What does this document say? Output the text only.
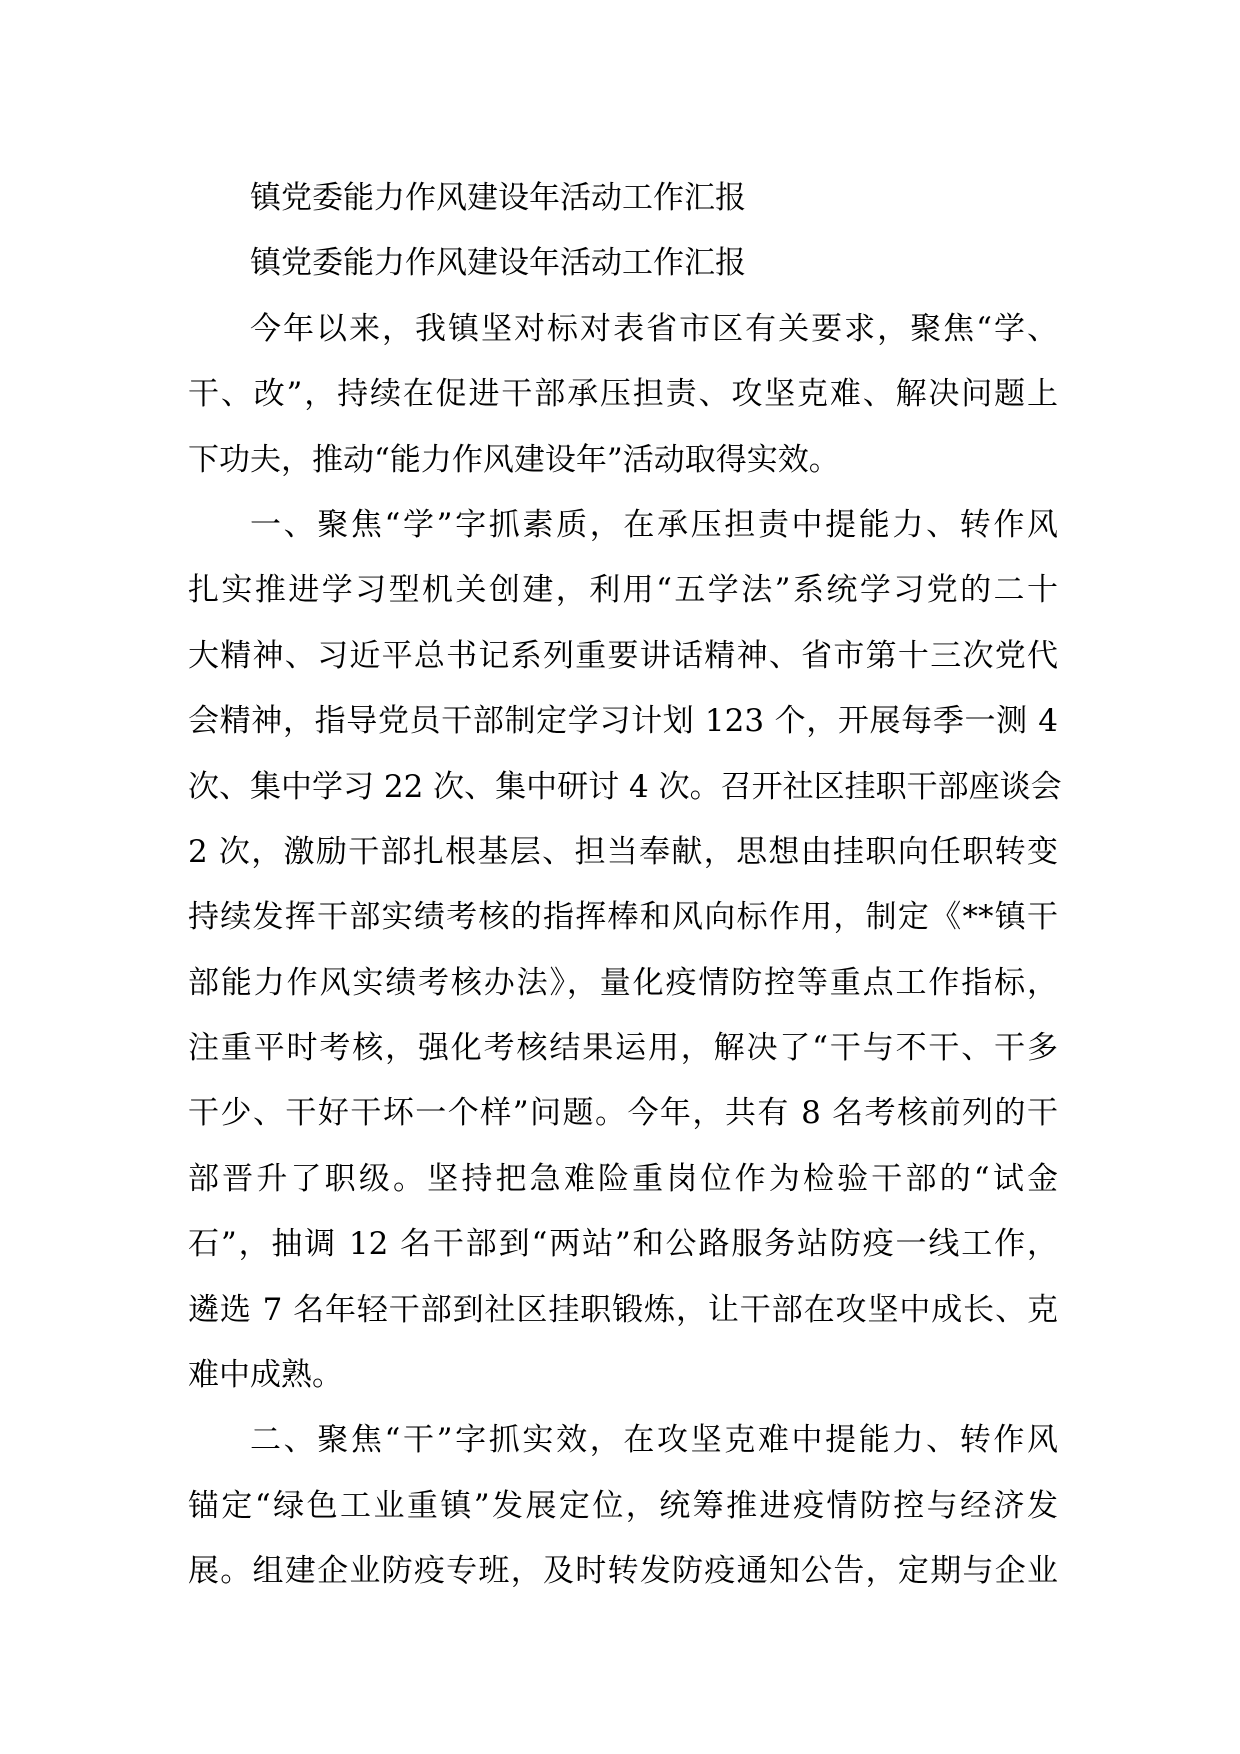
镇党委能力作风建设年活动工作汇报
镇党委能力作风建设年活动工作汇报
今年以来，我镇坚对标对表省市区有关要求，聚焦“学、
干、改”，持续在促进干部承压担责、攻坚克难、解决问题上
下功夫，推动“能力作风建设年”活动取得实效。
一、聚焦“学”字抓素质，在承压担责中提能力、转作风
扎实推进学习型机关创建，利用“五学法”系统学习党的二十
大精神、习近平总书记系列重要讲话精神、省市第十三次党代
会精神，指导党员干部制定学习计划 123 个，开展每季一测 4
次、集中学习 22 次、集中研讨 4 次。召开社区挂职干部座谈会
2 次，激励干部扎根基层、担当奉献，思想由挂职向任职转变
持续发挥干部实绩考核的指挥棒和风向标作用，制定《**镇干
部能力作风实绩考核办法》，量化疫情防控等重点工作指标，
注重平时考核，强化考核结果运用，解决了“干与不干、干多
干少、干好干坏一个样”问题。今年，共有 8 名考核前列的干
部晋升了职级。坚持把急难险重岗位作为检验干部的“试金
石”，抽调 12 名干部到“两站”和公路服务站防疫一线工作，
遴选 7 名年轻干部到社区挂职锻炼，让干部在攻坚中成长、克
难中成熟。
二、聚焦“干”字抓实效，在攻坚克难中提能力、转作风
锚定“绿色工业重镇”发展定位，统筹推进疫情防控与经济发
展。组建企业防疫专班，及时转发防疫通知公告，定期与企业
